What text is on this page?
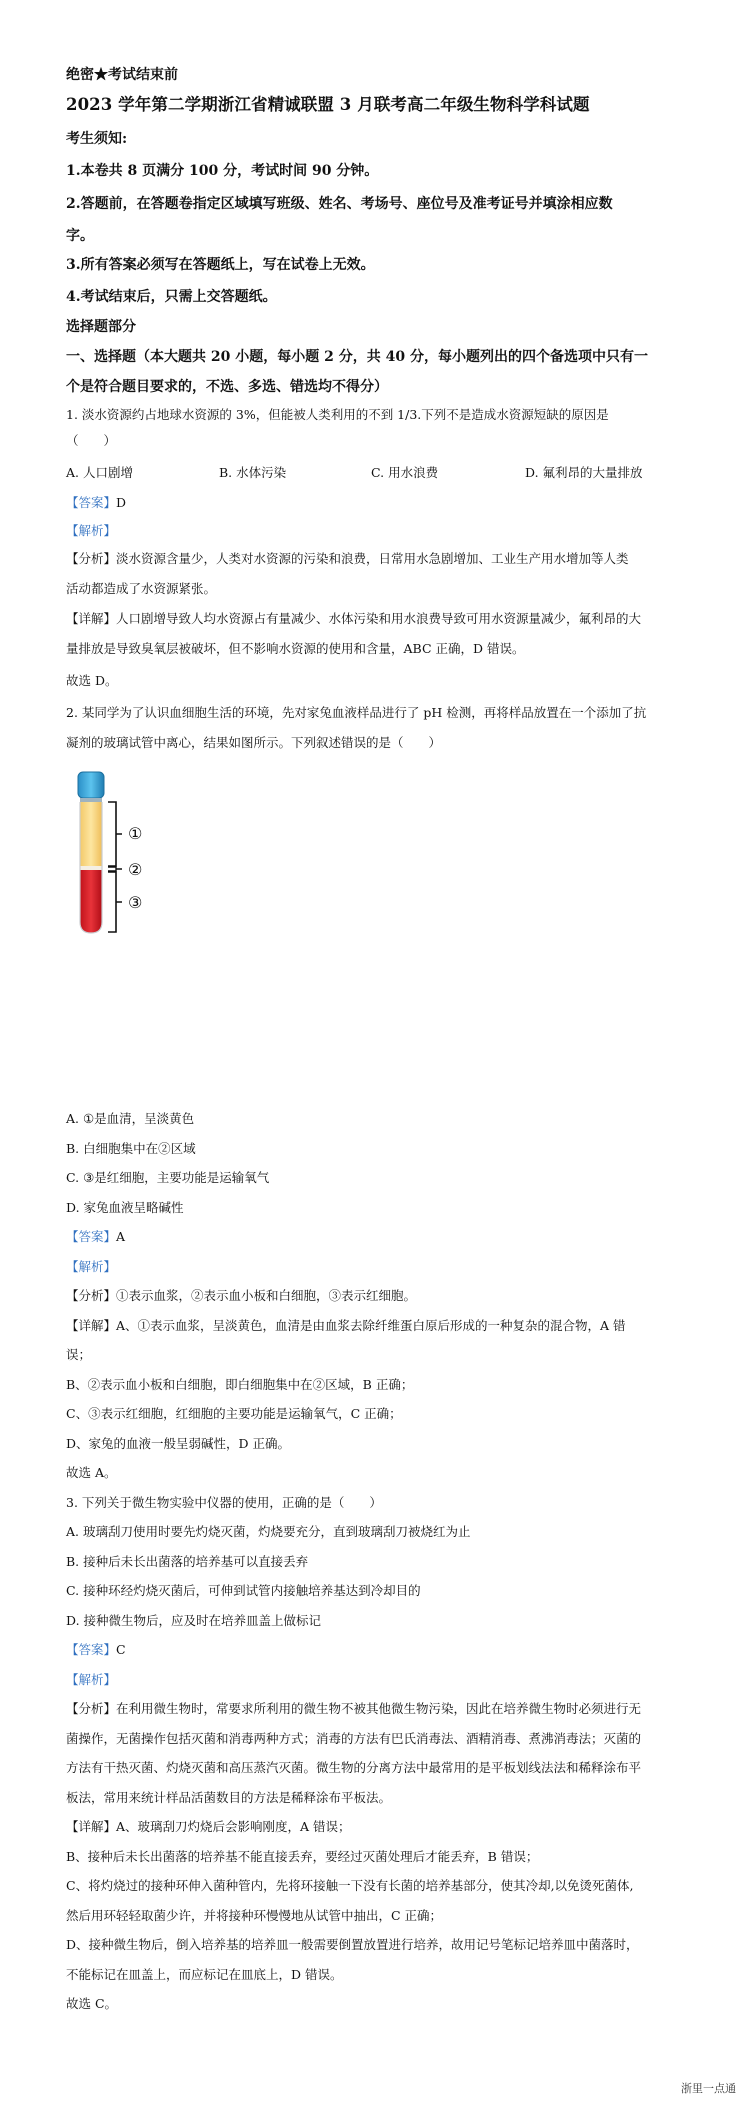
绝密★考试结束前
2023 学年第二学期浙江省精诚联盟 3 月联考高二年级生物科学科试题
考生须知:
1.本卷共 8 页满分 100 分，考试时间 90 分钟。
2.答题前，在答题卷指定区域填写班级、姓名、考场号、座位号及准考证号并填涂相应数
字。
3.所有答案必须写在答题纸上，写在试卷上无效。
4.考试结束后，只需上交答题纸。
选择题部分
一、选择题（本大题共 20 小题，每小题 2 分，共 40 分，每小题列出的四个备选项中只有一
个是符合题目要求的，不选、多选、错选均不得分）
1. 淡水资源约占地球水资源的 3%，但能被人类利用的不到 1/3.下列不是造成水资源短缺的原因是
（　　）
A. 人口剧增	B. 水体污染	C. 用水浪费	D. 氟利昂的大量排放
【答案】D
【解析】
【分析】淡水资源含量少，人类对水资源的污染和浪费，日常用水急剧增加、工业生产用水增加等人类
活动都造成了水资源紧张。
【详解】人口剧增导致人均水资源占有量减少、水体污染和用水浪费导致可用水资源量减少，氟利昂的大
量排放是导致臭氧层被破坏，但不影响水资源的使用和含量，ABC 正确，D 错误。
故选 D。
2. 某同学为了认识血细胞生活的环境，先对家兔血液样品进行了 pH 检测，再将样品放置在一个添加了抗
凝剂的玻璃试管中离心，结果如图所示。下列叙述错误的是（　　）
①
②
③
A. ①是血清，呈淡黄色
B. 白细胞集中在②区域
C. ③是红细胞，主要功能是运输氧气
D. 家兔血液呈略碱性
【答案】A
【解析】
【分析】①表示血浆，②表示血小板和白细胞，③表示红细胞。
【详解】A、①表示血浆，呈淡黄色，血清是由血浆去除纤维蛋白原后形成的一种复杂的混合物，A 错
误；
B、②表示血小板和白细胞，即白细胞集中在②区域，B 正确；
C、③表示红细胞，红细胞的主要功能是运输氧气，C 正确；
D、家兔的血液一般呈弱碱性，D 正确。
故选 A。
3. 下列关于微生物实验中仪器的使用，正确的是（　　）
A. 玻璃刮刀使用时要先灼烧灭菌，灼烧要充分，直到玻璃刮刀被烧红为止
B. 接种后未长出菌落的培养基可以直接丢弃
C. 接种环经灼烧灭菌后，可伸到试管内接触培养基达到冷却目的
D. 接种微生物后，应及时在培养皿盖上做标记
【答案】C
【解析】
【分析】在利用微生物时，常要求所利用的微生物不被其他微生物污染，因此在培养微生物时必须进行无
菌操作，无菌操作包括灭菌和消毒两种方式；消毒的方法有巴氏消毒法、酒精消毒、煮沸消毒法；灭菌的
方法有干热灭菌、灼烧灭菌和高压蒸汽灭菌。微生物的分离方法中最常用的是平板划线法法和稀释涂布平
板法，常用来统计样品活菌数目的方法是稀释涂布平板法。
【详解】A、玻璃刮刀灼烧后会影响刚度，A 错误；
B、接种后未长出菌落的培养基不能直接丢弃，要经过灭菌处理后才能丢弃，B 错误；
C、将灼烧过的接种环伸入菌种管内，先将环接触一下没有长菌的培养基部分，使其冷却,以免烫死菌体,
然后用环轻轻取菌少许，并将接种环慢慢地从试管中抽出，C 正确；
D、接种微生物后，倒入培养基的培养皿一般需要倒置放置进行培养，故用记号笔标记培养皿中菌落时，
不能标记在皿盖上，而应标记在皿底上，D 错误。
故选 C。
浙里一点通
